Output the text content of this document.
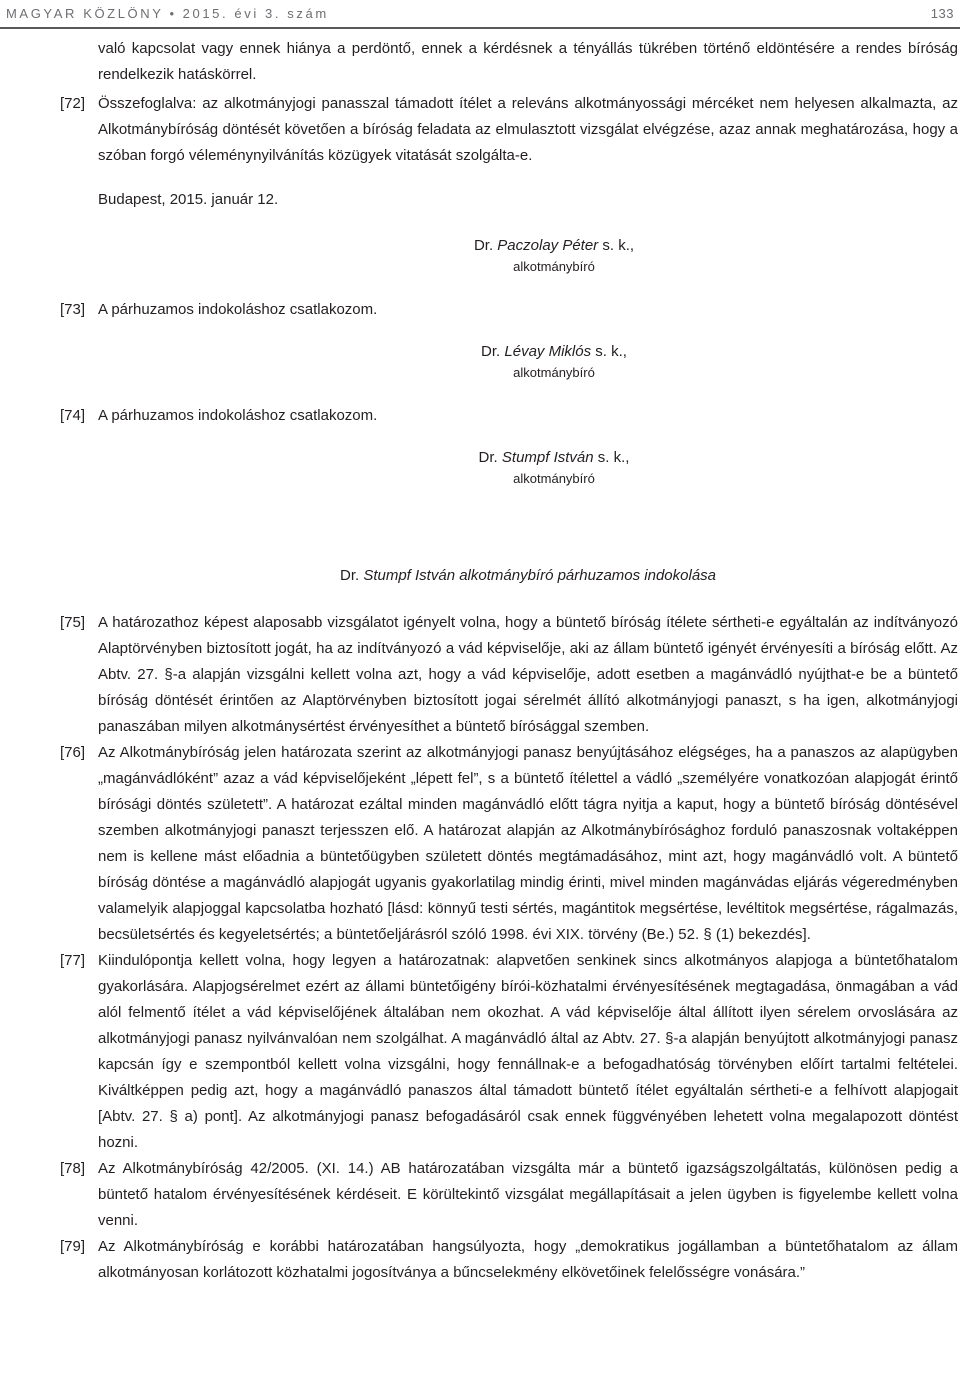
MAGYAR KÖZLÖNY • 2015. évi 3. szám	133
való kapcsolat vagy ennek hiánya a perdöntő, ennek a kérdésnek a tényállás tükrében történő eldöntésére a rendes bíróság rendelkezik hatáskörrel.
[72] Összefoglalva: az alkotmányjogi panasszal támadott ítélet a releváns alkotmányossági mércéket nem helyesen alkalmazta, az Alkotmánybíróság döntését követően a bíróság feladata az elmulasztott vizsgálat elvégzése, azaz annak meghatározása, hogy a szóban forgó véleménynyilvánítás közügyek vitatását szolgálta-e.
Budapest, 2015. január 12.
Dr. Paczolay Péter s. k.,
alkotmánybíró
[73] A párhuzamos indokoláshoz csatlakozom.
Dr. Lévay Miklós s. k.,
alkotmánybíró
[74] A párhuzamos indokoláshoz csatlakozom.
Dr. Stumpf István s. k.,
alkotmánybíró
Dr. Stumpf István alkotmánybíró párhuzamos indokolása
[75] A határozathoz képest alaposabb vizsgálatot igényelt volna, hogy a büntető bíróság ítélete sértheti-e egyáltalán az indítványozó Alaptörvényben biztosított jogát, ha az indítványozó a vád képviselője, aki az állam büntető igényét érvényesíti a bíróság előtt. Az Abtv. 27. §-a alapján vizsgálni kellett volna azt, hogy a vád képviselője, adott esetben a magánvádló nyújthat-e be a büntető bíróság döntését érintően az Alaptörvényben biztosított jogai sérelmét állító alkotmányjogi panaszt, s ha igen, alkotmányjogi panaszában milyen alkotmánysértést érvényesíthet a büntető bírósággal szemben.
[76] Az Alkotmánybíróság jelen határozata szerint az alkotmányjogi panasz benyújtásához elégséges, ha a panaszos az alapügyben „magánvádlóként” azaz a vád képviselőjeként „lépett fel”, s a büntető ítélettel a vádló „személyére vonatkozóan alapjogát érintő bírósági döntés született”. A határozat ezáltal minden magánvádló előtt tágra nyitja a kaput, hogy a büntető bíróság döntésével szemben alkotmányjogi panaszt terjesszen elő. A határozat alapján az Alkotmánybírósághoz forduló panaszosnak voltaképpen nem is kellene mást előadnia a büntetőügyben született döntés megtámadásához, mint azt, hogy magánvádló volt. A büntető bíróság döntése a magánvádló alapjogát ugyanis gyakorlatilag mindig érinti, mivel minden magánvádas eljárás végeredményben valamelyik alapjoggal kapcsolatba hozható [lásd: könnyű testi sértés, magántitok megsértése, levéltitok megsértése, rágalmazás, becsületsértés és kegyeletsértés; a büntetőeljárásról szóló 1998. évi XIX. törvény (Be.) 52. § (1) bekezdés].
[77] Kiindulópontja kellett volna, hogy legyen a határozatnak: alapvetően senkinek sincs alkotmányos alapjoga a büntetőhatalom gyakorlására. Alapjogsérelmet ezért az állami büntetőigény bírói-közhatalmi érvényesítésének megtagadása, önmagában a vád alól felmentő ítélet a vád képviselőjének általában nem okozhat. A vád képviselője által állított ilyen sérelem orvoslására az alkotmányjogi panasz nyilvánvalóan nem szolgálhat. A magánvádló által az Abtv. 27. §-a alapján benyújtott alkotmányjogi panasz kapcsán így e szempontból kellett volna vizsgálni, hogy fennállnak-e a befogadhatóság törvényben előírt tartalmi feltételei. Kiváltképpen pedig azt, hogy a magánvádló panaszos által támadott büntető ítélet egyáltalán sértheti-e a felhívott alapjogait [Abtv. 27. § a) pont]. Az alkotmányjogi panasz befogadásáról csak ennek függvényében lehetett volna megalapozott döntést hozni.
[78] Az Alkotmánybíróság 42/2005. (XI. 14.) AB határozatában vizsgálta már a büntető igazságszolgáltatás, különösen pedig a büntető hatalom érvényesítésének kérdéseit. E körültekintő vizsgálat megállapításait a jelen ügyben is figyelembe kellett volna venni.
[79] Az Alkotmánybíróság e korábbi határozatában hangsúlyozta, hogy „demokratikus jogállamban a büntetőhatalom az állam alkotmányosan korlátozott közhatalmi jogosítványa a bűncselekmény elkövetőinek felelősségre vonására.”
